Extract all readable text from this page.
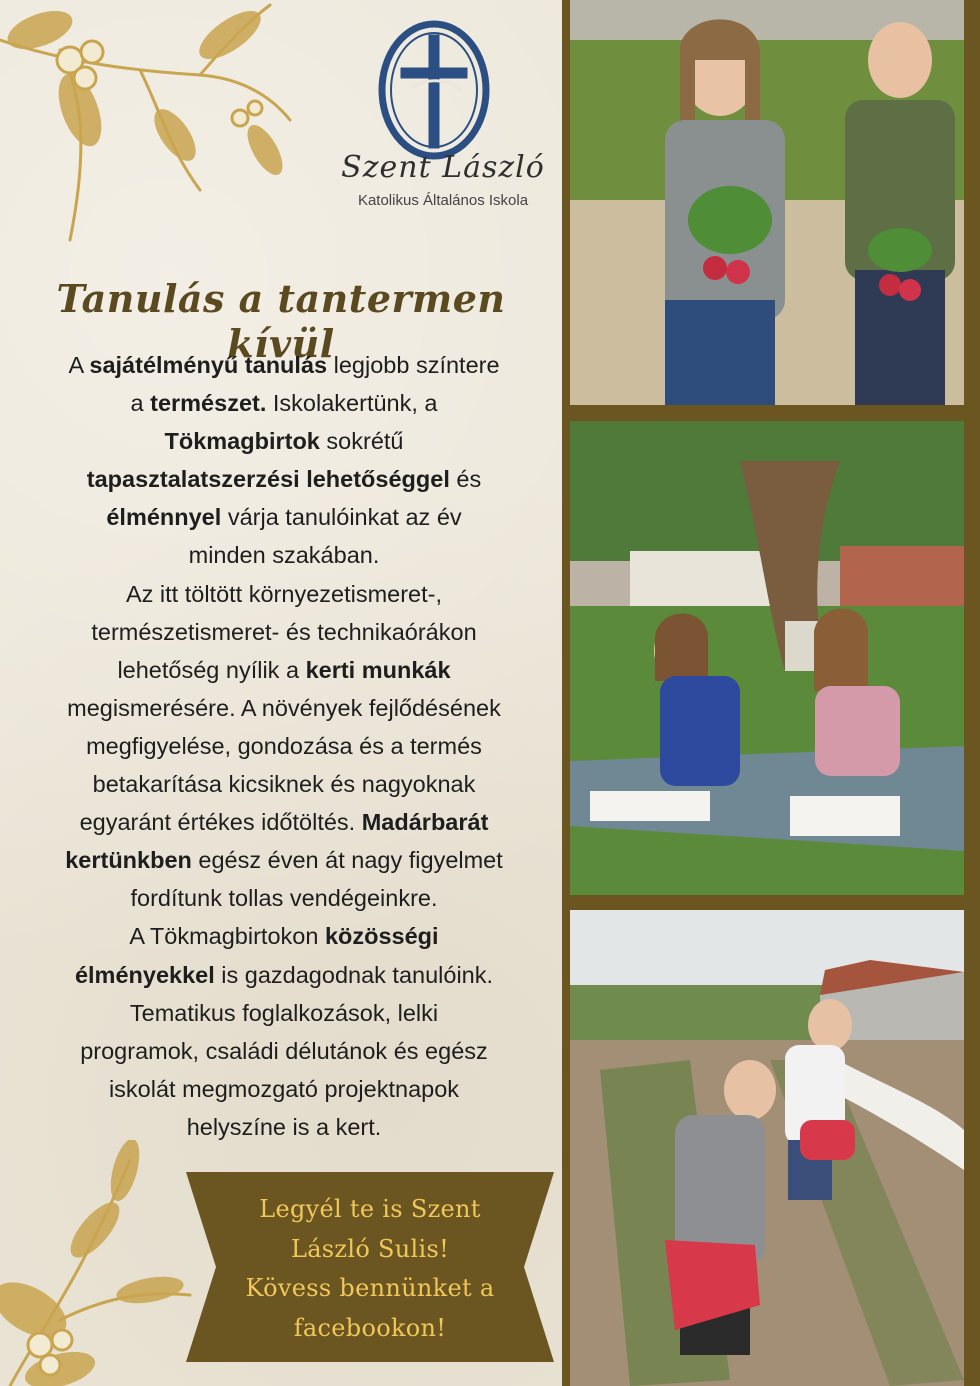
Szent László
Katolikus Általános Iskola
Tanulás a tantermen kívül
A sajátélményű tanulás legjobb színtere
a természet. Iskolakertünk, a
Tökmagbirtok sokrétű
tapasztalatszerzési lehetőséggel és
élménnyel várja tanulóinkat az év
minden szakában.
Az itt töltött környezetismeret-,
természetismeret- és technikaórákon
lehetőség nyílik a kerti munkák
megismerésére. A növények fejlődésének
megfigyelése, gondozása és a termés
betakarítása kicsiknek és nagyoknak
egyaránt értékes időtöltés. Madárbarát
kertünkben egész éven át nagy figyelmet
fordítunk tollas vendégeinkre.
A Tökmagbirtokon közösségi
élményekkel is gazdagodnak tanulóink.
Tematikus foglalkozások, lelki
programok, családi délutánok és egész
iskolát megmozgató projektnapok
helyszíne is a kert.
Legyél te is Szent
László Sulis!
Kövess bennünket a
facebookon!
